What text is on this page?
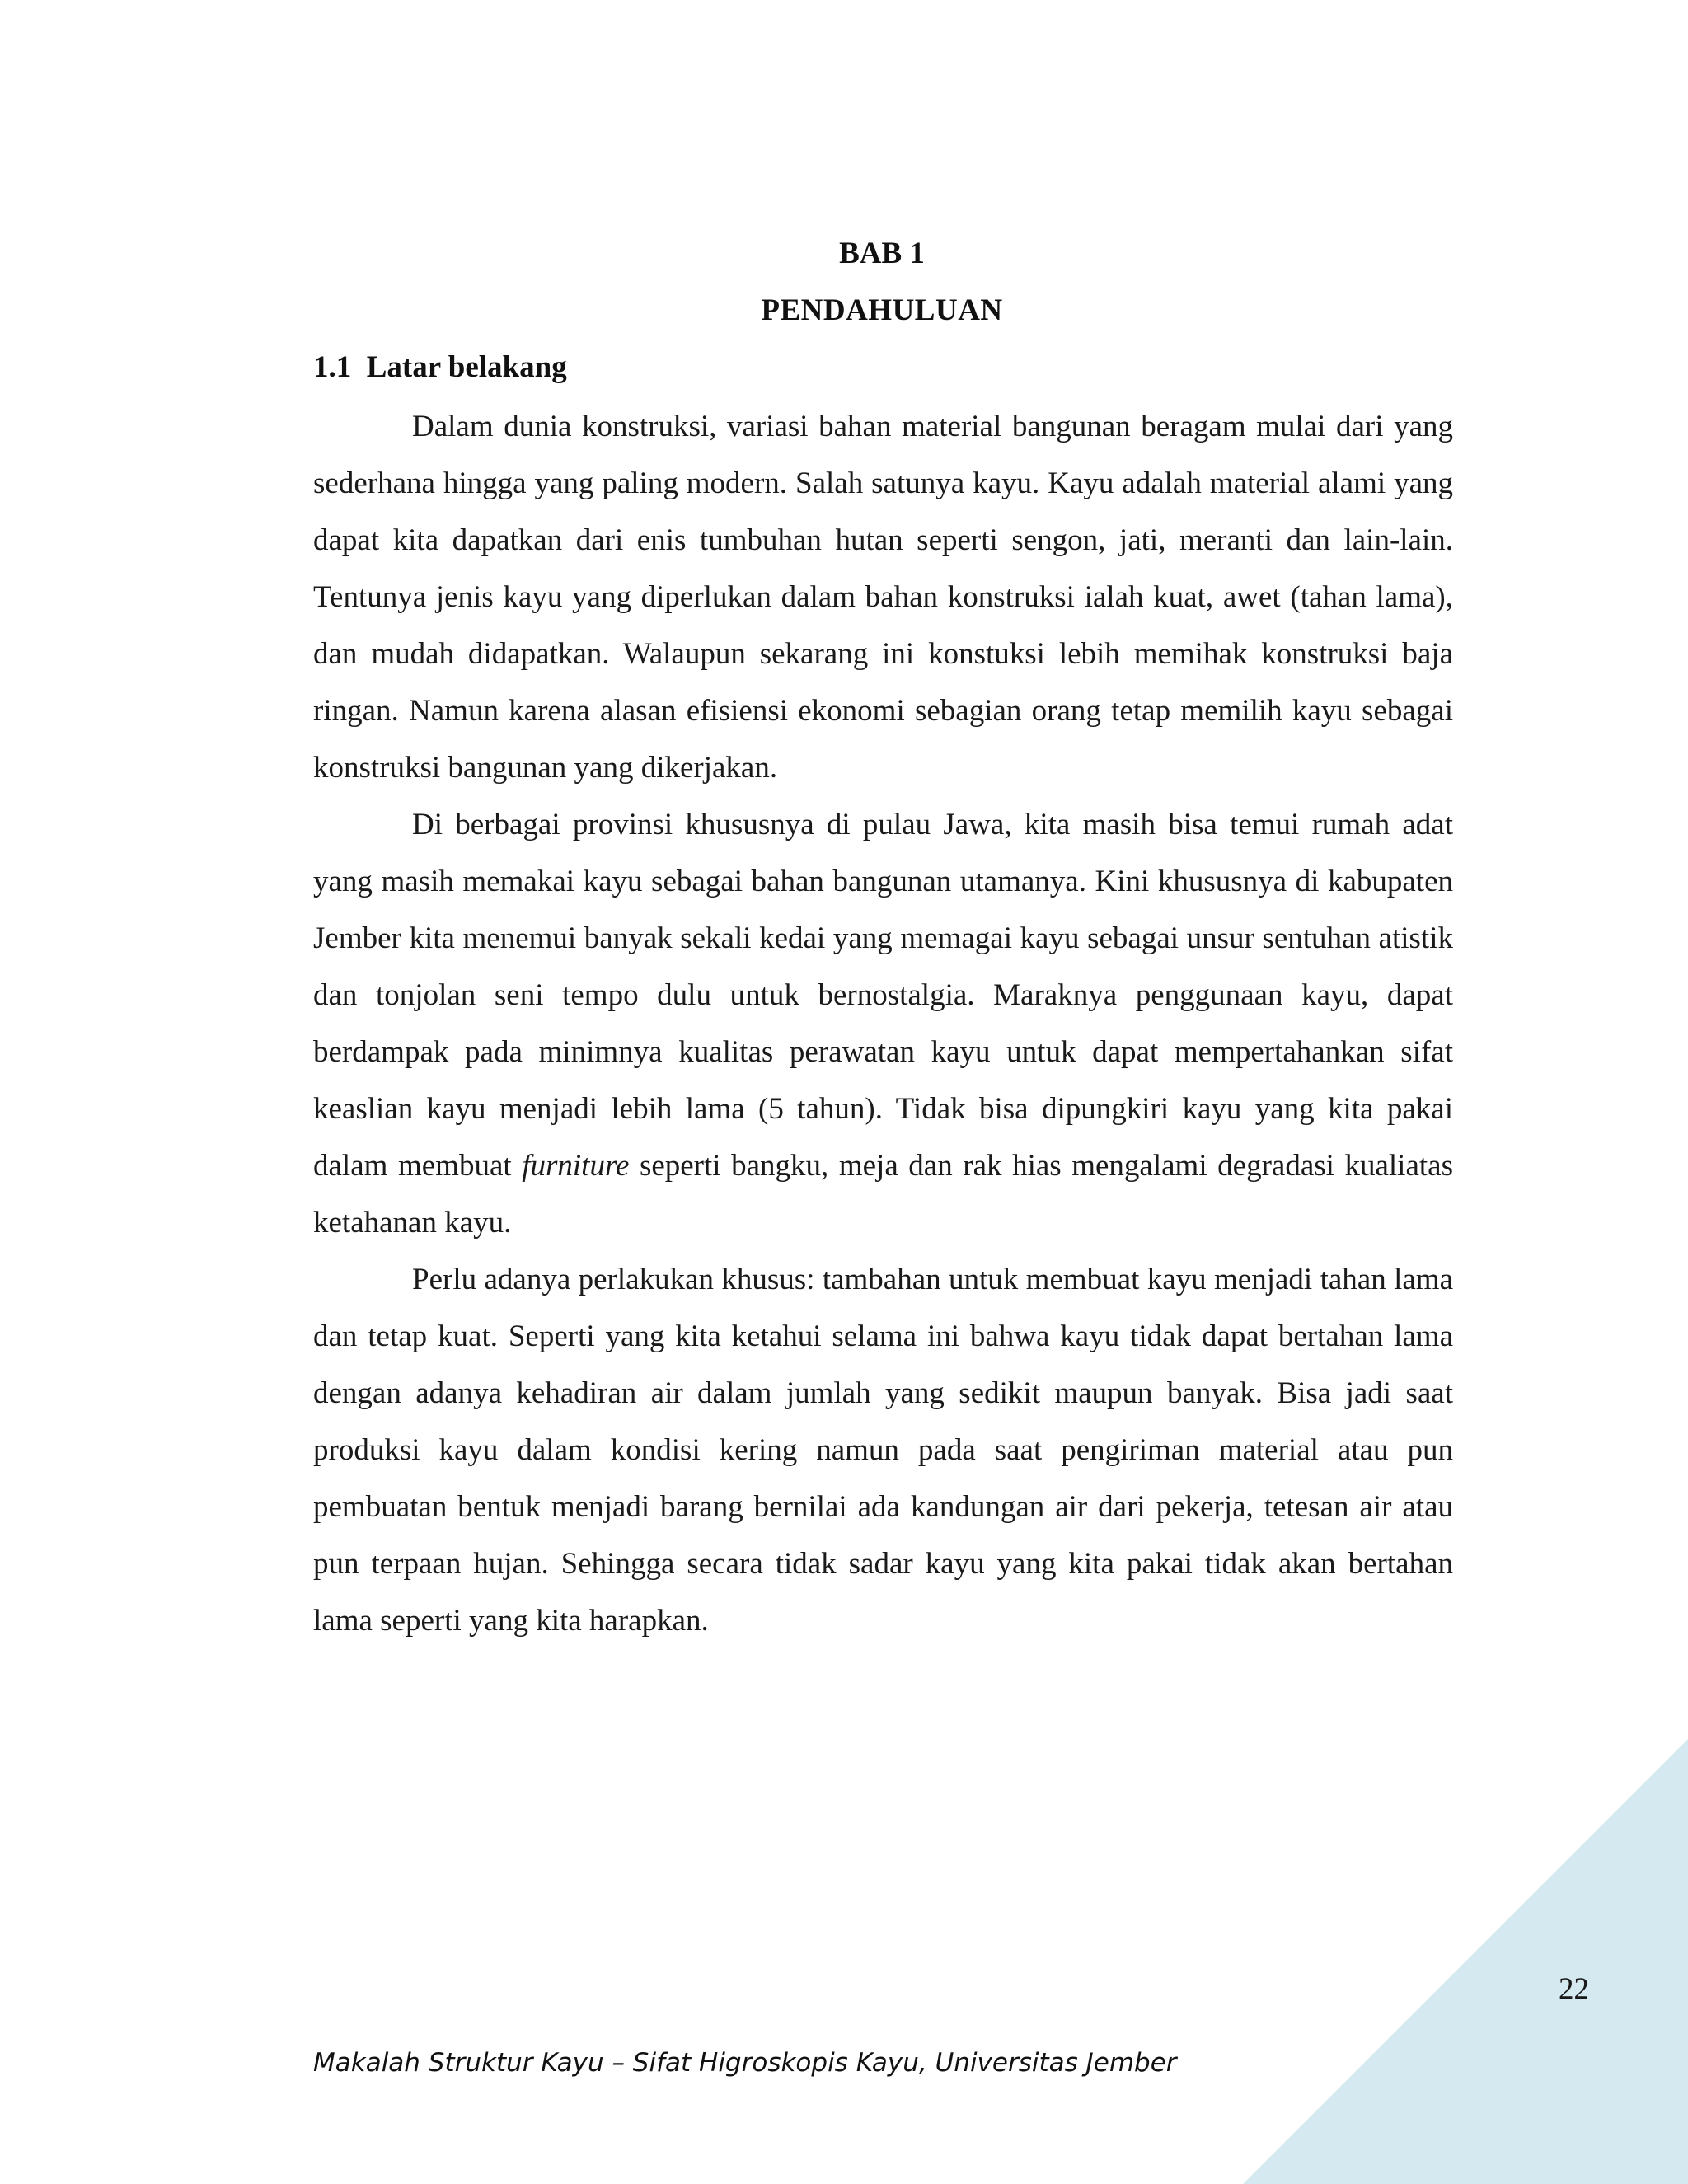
BAB 1
PENDAHULUAN
1.1  Latar belakang

Dalam dunia konstruksi, variasi bahan material bangunan beragam mulai dari yang sederhana hingga yang paling modern. Salah satunya kayu. Kayu adalah material alami yang dapat kita dapatkan dari enis tumbuhan hutan seperti sengon, jati, meranti dan lain-lain. Tentunya jenis kayu yang diperlukan dalam bahan konstruksi ialah kuat, awet (tahan lama), dan mudah didapatkan. Walaupun sekarang ini konstuksi lebih memihak konstruksi baja ringan. Namun karena alasan efisiensi ekonomi sebagian orang tetap memilih kayu sebagai konstruksi bangunan yang dikerjakan.

Di berbagai provinsi khususnya di pulau Jawa, kita masih bisa temui rumah adat yang masih memakai kayu sebagai bahan bangunan utamanya. Kini khususnya di kabupaten Jember kita menemui banyak sekali kedai yang memagai kayu sebagai unsur sentuhan atistik dan tonjolan seni tempo dulu untuk bernostalgia. Maraknya penggunaan kayu, dapat berdampak pada minimnya kualitas perawatan kayu untuk dapat mempertahankan sifat keaslian kayu menjadi lebih lama (5 tahun). Tidak bisa dipungkiri kayu yang kita pakai dalam membuat furniture seperti bangku, meja dan rak hias mengalami degradasi kualiatas ketahanan kayu.

Perlu adanya perlakukan khusus: tambahan untuk membuat kayu menjadi tahan lama dan tetap kuat. Seperti yang kita ketahui selama ini bahwa kayu tidak dapat bertahan lama dengan adanya kehadiran air dalam jumlah yang sedikit maupun banyak. Bisa jadi saat produksi kayu dalam kondisi kering namun pada saat pengiriman material atau pun pembuatan bentuk menjadi barang bernilai ada kandungan air dari pekerja, tetesan air atau pun terpaan hujan. Sehingga secara tidak sadar kayu yang kita pakai tidak akan bertahan lama seperti yang kita harapkan.

22
Makalah Struktur Kayu – Sifat Higroskopis Kayu, Universitas Jember
